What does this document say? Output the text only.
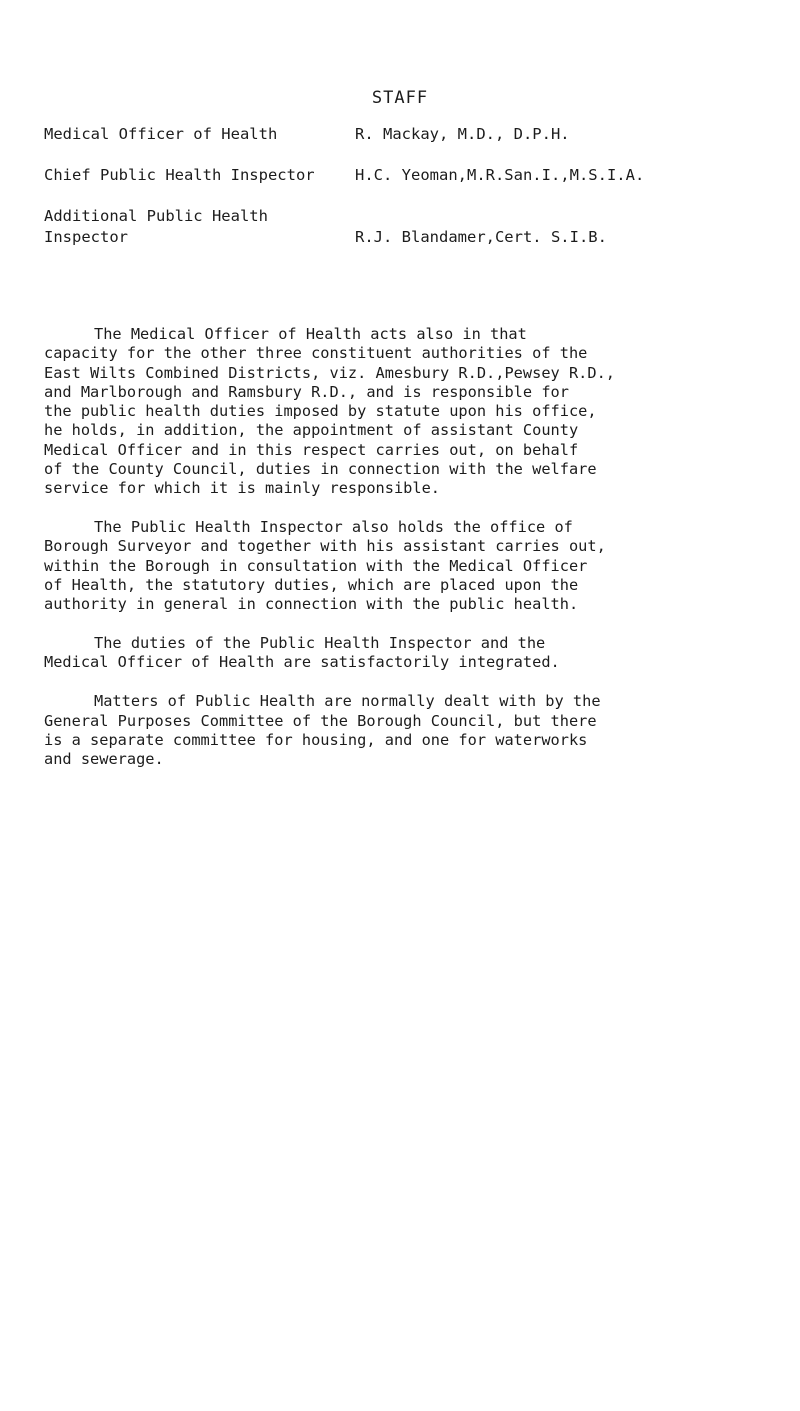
STAFF
Medical Officer of Health	R. Mackay, M.D., D.P.H.
Chief Public Health Inspector	H.C. Yeoman,M.R.San.I.,M.S.I.A.
Additional Public Health
Inspector	R.J. Blandamer,Cert. S.I.B.

The Medical Officer of Health acts also in that
capacity for the other three constituent authorities of the
East Wilts Combined Districts, viz. Amesbury R.D.,Pewsey R.D.,
and Marlborough and Ramsbury R.D., and is responsible for
the public health duties imposed by statute upon his office,
he holds, in addition, the appointment of assistant County
Medical Officer and in this respect carries out, on behalf
of the County Council, duties in connection with the welfare
service for which it is mainly responsible.

The Public Health Inspector also holds the office of
Borough Surveyor and together with his assistant carries out,
within the Borough in consultation with the Medical Officer
of Health, the statutory duties, which are placed upon the
authority in general in connection with the public health.

The duties of the Public Health Inspector and the
Medical Officer of Health are satisfactorily integrated.

Matters of Public Health are normally dealt with by the
General Purposes Committee of the Borough Council, but there
is a separate committee for housing, and one for waterworks
and sewerage.
